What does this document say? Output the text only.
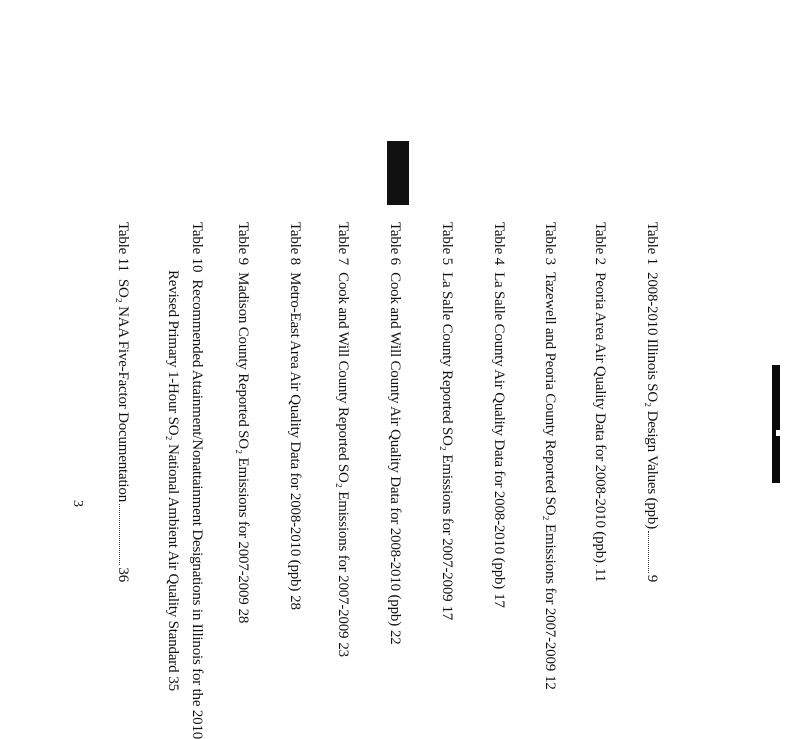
Tables
Table 1

2008-2010 Illinois SO₂ Design Values (ppb)
9
Table 2

Peoria Area Air Quality Data for 2008-2010 (ppb)
11
Table 3

Tazewell and Peoria County Reported SO₂ Emissions for 2007-2009
12
Table 4

La Salle County Air Quality Data for 2008-2010 (ppb)
17
Table 5

La Salle County Reported SO₂ Emissions for 2007-2009
17
Table 6

Cook and Will County Air Quality Data for 2008-2010 (ppb)
22
Table 7

Cook and Will County Reported SO₂ Emissions for 2007-2009
23
Table 8

Metro-East Area Air Quality Data for 2008-2010 (ppb)
28
Table 9

Madison County Reported SO₂ Emissions for 2007-2009
28
Table 10  Recommended Attainment/Nonattainment Designations in Illinois for the 2010
Revised Primary 1-Hour SO₂ National Ambient Air Quality Standard
35
Table 11

SO₂ NAA Five-Factor Documentation
36
3
